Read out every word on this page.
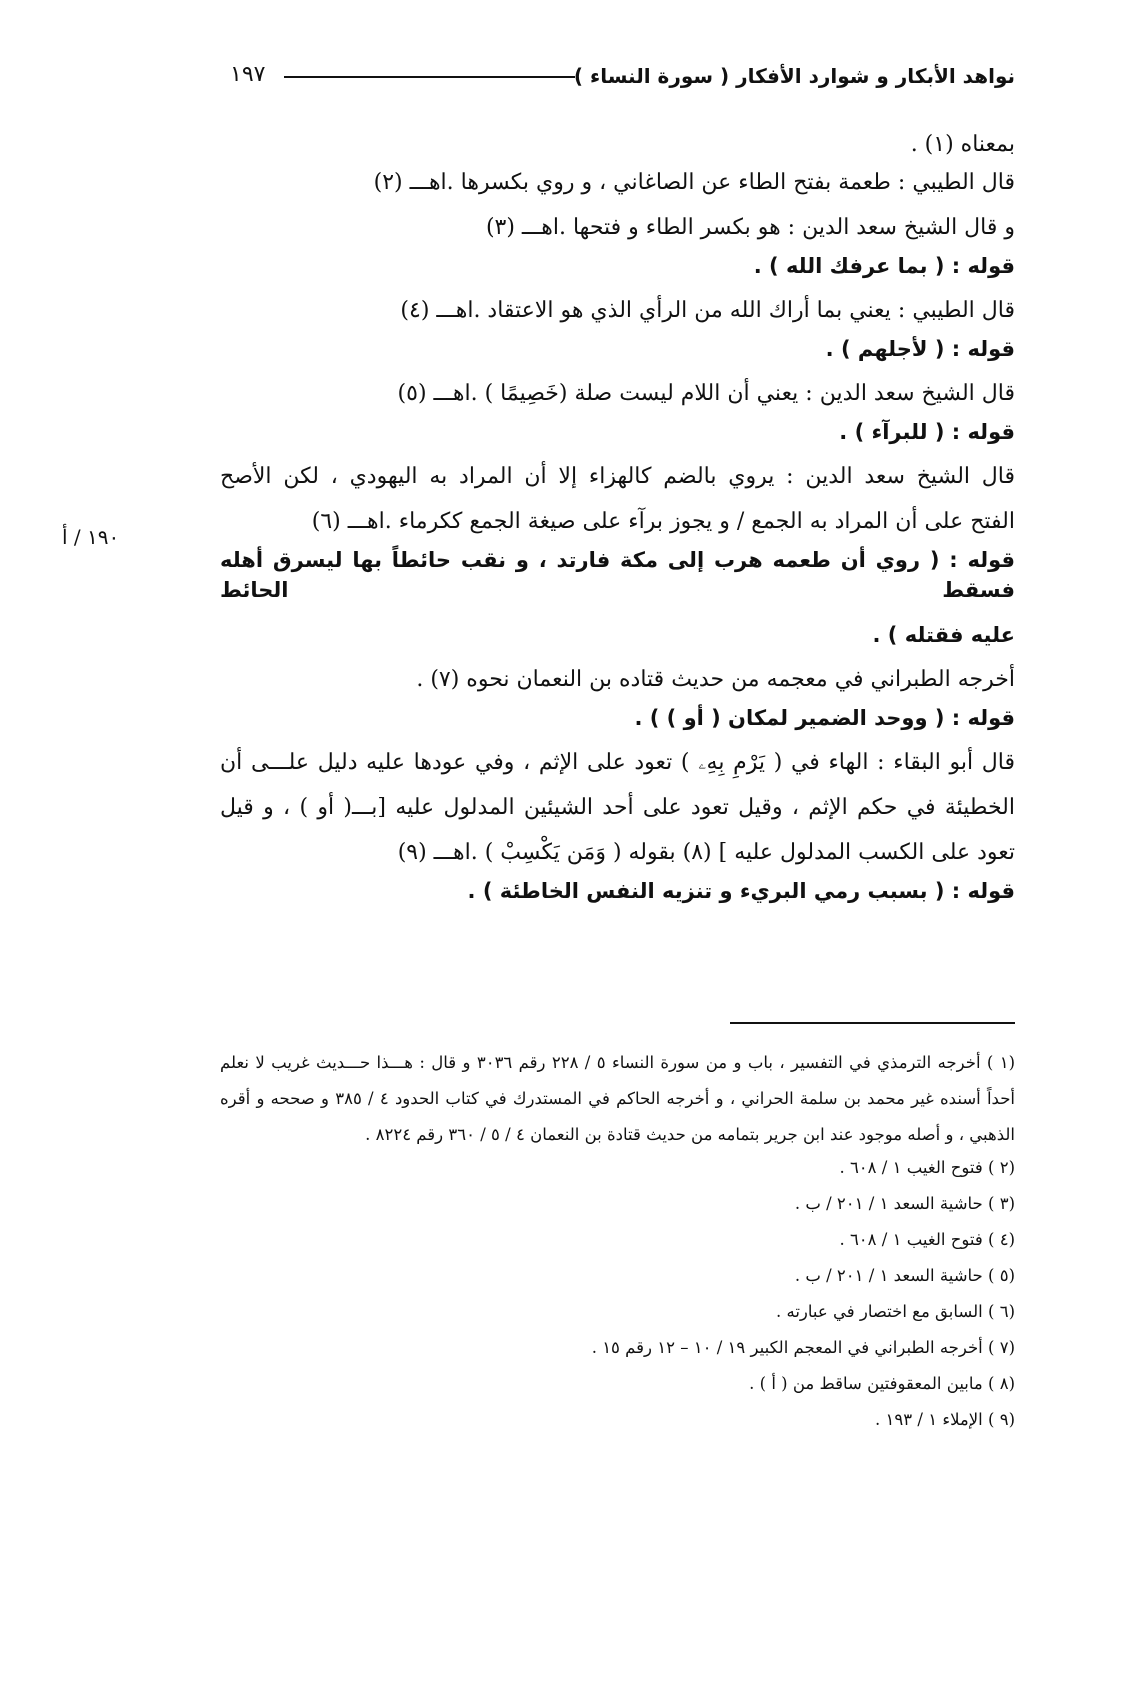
١٩٧	نواهد الأبكار و شوارد الأفكار ( سورة النساء )
١٩٠ / أ

بمعناه (١) .

قال الطيبي : طعمة بفتح الطاء عن الصاغاني ، و روي بكسرها .اهـــ (٢)

و قال الشيخ سعد الدين : هو بكسر الطاء و فتحها .اهـــ (٣)

قوله : ( بما عرفك الله ) .

قال الطيبي : يعني بما أراك الله من الرأي الذي هو الاعتقاد .اهـــ (٤)

قوله : ( لأجلهم ) .

قال الشيخ سعد الدين : يعني أن اللام ليست صلة (خَصِيمًا ) .اهـــ (٥)

قوله : ( للبرآء ) .

قال الشيخ سعد الدين : يروي بالضم كالهزاء إلا أن المراد به اليهودي ، لكن الأصح

الفتح على أن المراد به الجمع / و يجوز برآء على صيغة الجمع ككرماء .اهـــ (٦)

قوله : ( روي أن طعمه هرب إلى مكة فارتد ، و نقب حائطاً بها ليسرق أهله فسقط الحائط

عليه فقتله ) .

أخرجه الطبراني في معجمه من حديث قتاده بن النعمان نحوه (٧) .

قوله : ( ووحد الضمير لمكان ( أو ) ) .

قال أبو البقاء : الهاء في ( يَرْمِ بِهِۦ ) تعود على الإثم ، وفي عودها عليه دليل علـــى أن

الخطيئة في حكم الإثم ، وقيل تعود على أحد الشيئين المدلول عليه [بـــ( أو ) ، و قيل

تعود على الكسب المدلول عليه ] (٨) بقوله ( وَمَن يَكْسِبْ ) .اهـــ (٩)

قوله : ( بسبب رمي البريء و تنزيه النفس الخاطئة ) .

(١ ) أخرجه الترمذي في التفسير ، باب و من سورة النساء ٥ / ٢٢٨ رقم ٣٠٣٦ و قال : هـــذا حـــديث غريب لا نعلم أحداً أسنده غير محمد بن سلمة الحراني ، و أخرجه الحاكم في المستدرك في كتاب الحدود ٤ / ٣٨٥ و صححه و أقره الذهبي ، و أصله موجود عند ابن جرير بتمامه من حديث قتادة بن النعمان ٤ / ٥ / ٣٦٠ رقم ٨٢٢٤ .

(٢ ) فتوح الغيب ١ / ٦٠٨ .

(٣ ) حاشية السعد ١ / ٢٠١ / ب .

(٤ ) فتوح الغيب ١ / ٦٠٨ .

(٥ ) حاشية السعد ١ / ٢٠١ / ب .

(٦ ) السابق مع اختصار في عبارته .

(٧ ) أخرجه الطبراني في المعجم الكبير ١٩ / ١٠ – ١٢ رقم ١٥ .

(٨ ) مابين المعقوفتين ساقط من ( أ ) .

(٩ ) الإملاء ١ / ١٩٣ .
